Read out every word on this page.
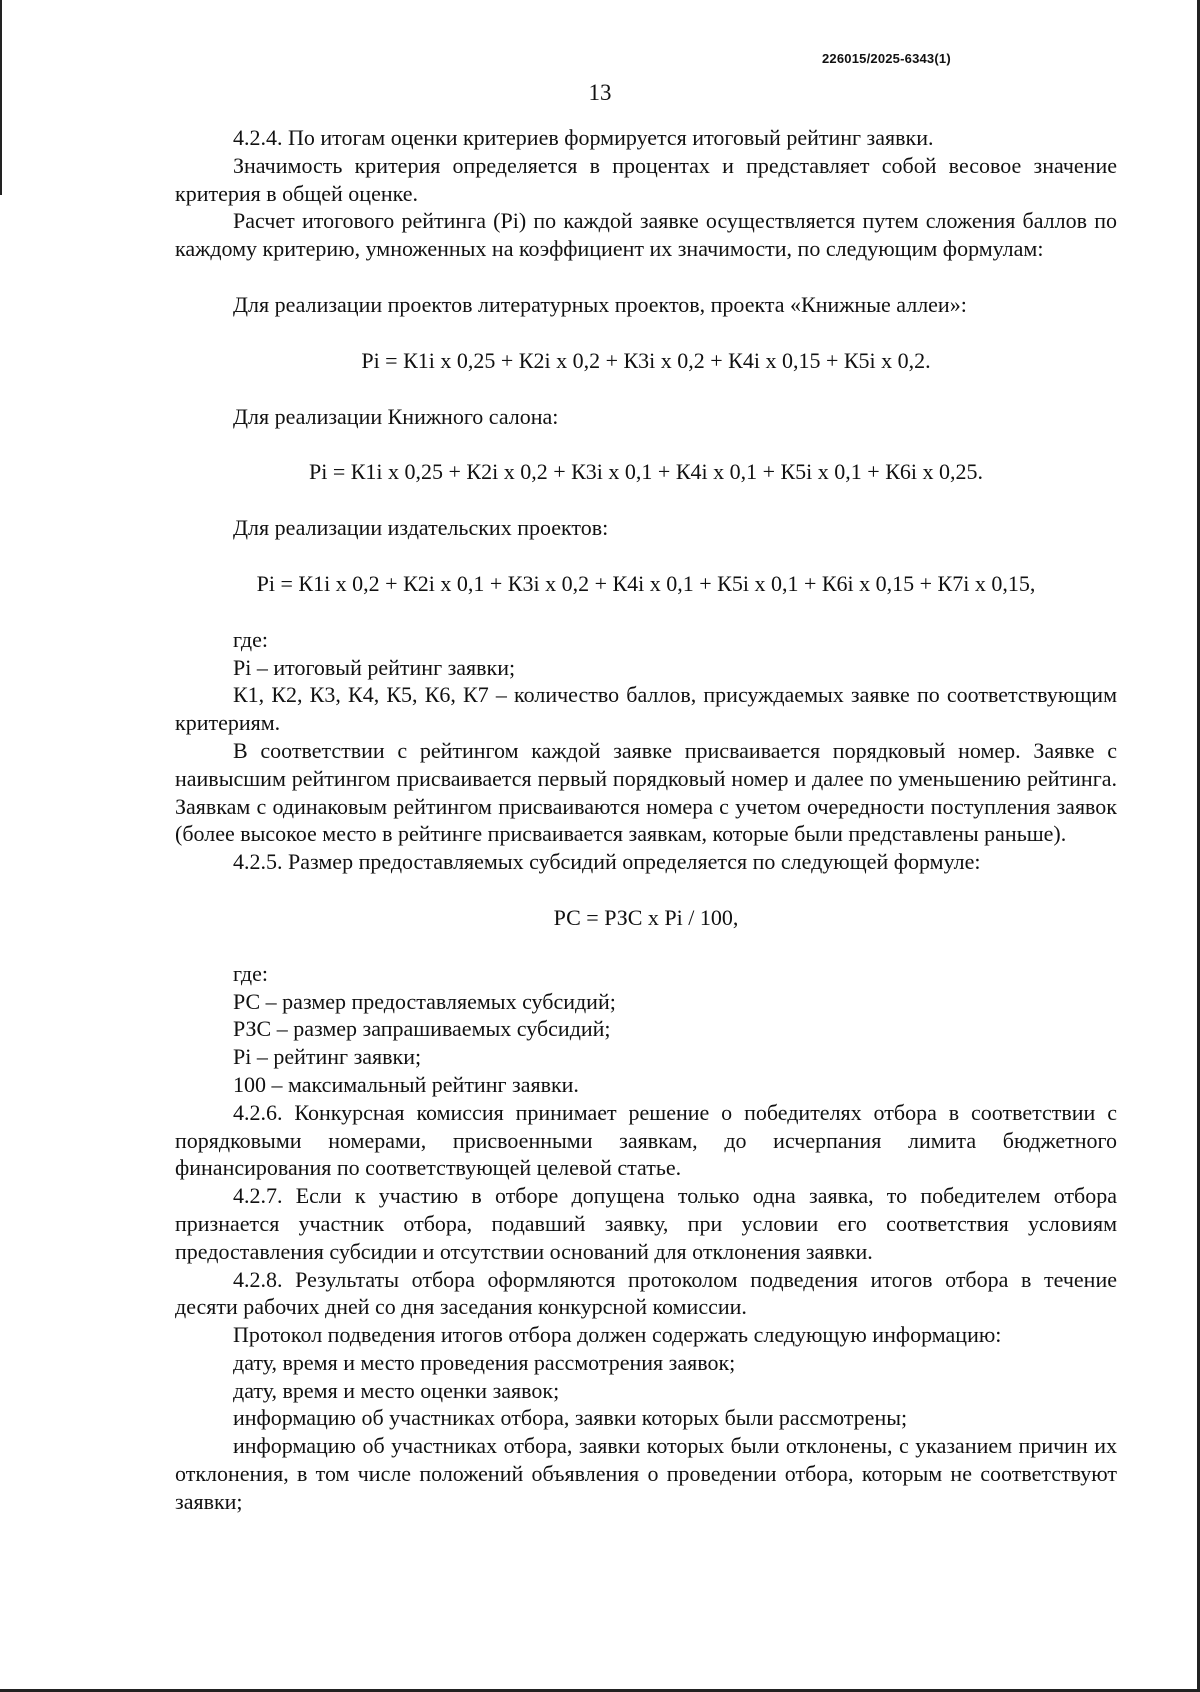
226015/2025-6343(1)
13

4.2.4. По итогам оценки критериев формируется итоговый рейтинг заявки.

Значимость критерия определяется в процентах и представляет собой весовое значение критерия в общей оценке.

Расчет итогового рейтинга (Pi) по каждой заявке осуществляется путем сложения баллов по каждому критерию, умноженных на коэффициент их значимости, по следующим формулам:

Для реализации проектов литературных проектов, проекта «Книжные аллеи»:

Pi = К1i х 0,25 + К2i х 0,2 + К3i х 0,2 + К4i х 0,15 + К5i х 0,2.

Для реализации Книжного салона:

Pi = К1i х 0,25 + К2i х 0,2 + К3i х 0,1 + К4i х 0,1 + К5i х 0,1 + К6i х 0,25.

Для реализации издательских проектов:

Pi = К1i х 0,2 + К2i х 0,1 + К3i х 0,2 + К4i х 0,1 + К5i х 0,1 + К6i х 0,15 + К7i х 0,15,

где:

Pi – итоговый рейтинг заявки;

К1, К2, К3, К4, К5, К6, К7 – количество баллов, присуждаемых заявке по соответствующим критериям.

В соответствии с рейтингом каждой заявке присваивается порядковый номер. Заявке с наивысшим рейтингом присваивается первый порядковый номер и далее по уменьшению рейтинга. Заявкам с одинаковым рейтингом присваиваются номера с учетом очередности поступления заявок (более высокое место в рейтинге присваивается заявкам, которые были представлены раньше).

4.2.5. Размер предоставляемых субсидий определяется по следующей формуле:

РС = РЗС х Pi / 100,

где:

РС – размер предоставляемых субсидий;

РЗС – размер запрашиваемых субсидий;

Pi – рейтинг заявки;

100 – максимальный рейтинг заявки.

4.2.6. Конкурсная комиссия принимает решение о победителях отбора в соответствии с порядковыми номерами, присвоенными заявкам, до исчерпания лимита бюджетного финансирования по соответствующей целевой статье.

4.2.7. Если к участию в отборе допущена только одна заявка, то победителем отбора признается участник отбора, подавший заявку, при условии его соответствия условиям предоставления субсидии и отсутствии оснований для отклонения заявки.

4.2.8. Результаты отбора оформляются протоколом подведения итогов отбора в течение десяти рабочих дней со дня заседания конкурсной комиссии.

Протокол подведения итогов отбора должен содержать следующую информацию:

дату, время и место проведения рассмотрения заявок;

дату, время и место оценки заявок;

информацию об участниках отбора, заявки которых были рассмотрены;

информацию об участниках отбора, заявки которых были отклонены, с указанием причин их отклонения, в том числе положений объявления о проведении отбора, которым не соответствуют заявки;
